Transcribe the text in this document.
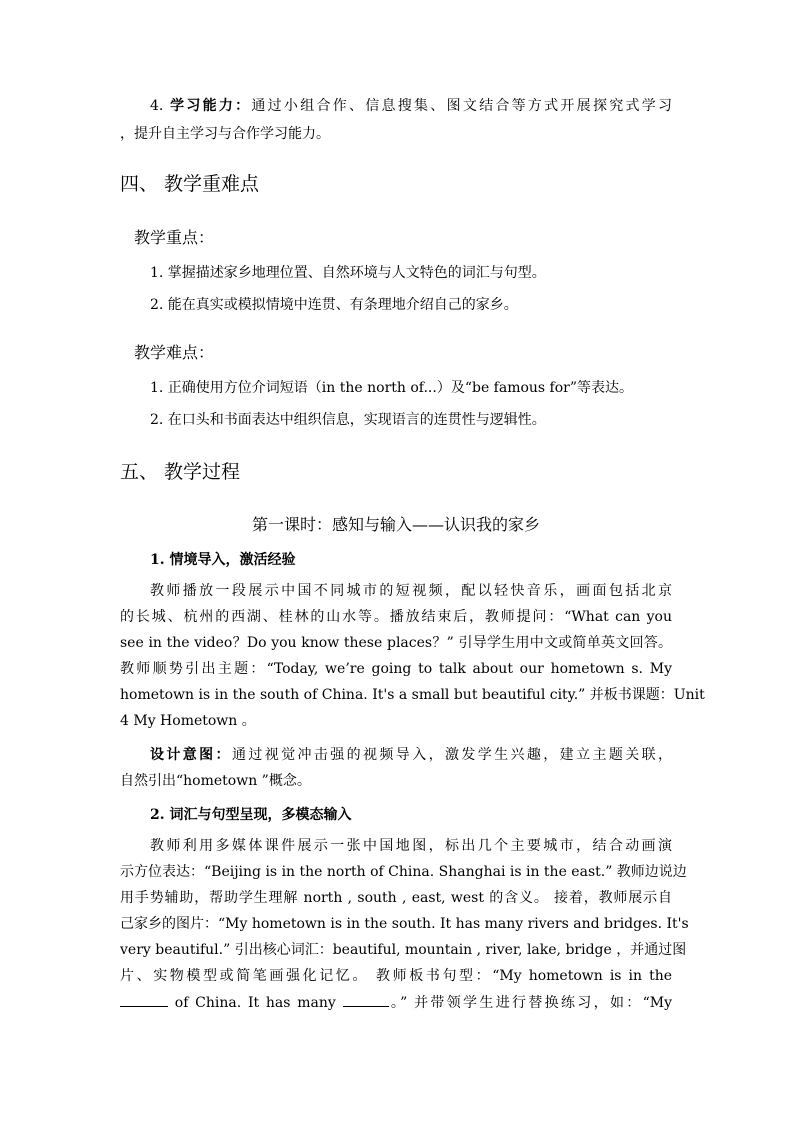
4. 学习能力：通过小组合作、信息搜集、图文结合等方式开展探究式学习
，提升自主学习与合作学习能力。
四、 教学重难点
教学重点：
1. 掌握描述家乡地理位置、自然环境与人文特色的词汇与句型。
2. 能在真实或模拟情境中连贯、有条理地介绍自己的家乡。
教学难点：
1. 正确使用方位介词短语（in the north of...）及“be famous for”等表达。
2. 在口头和书面表达中组织信息，实现语言的连贯性与逻辑性。
五、 教学过程
第一课时：感知与输入——认识我的家乡
1. 情境导入，激活经验
教师播放一段展示中国不同城市的短视频，配以轻快音乐，画面包括北京
的长城、杭州的西湖、桂林的山水等。播放结束后，教师提问：“What can you
see in the video？Do you know these places？” 引导学生用中文或简单英文回答。
教师顺势引出主题：“Today, we’re going to talk about our hometown s. My
hometown is in the south of China. It's a small but beautiful city.” 并板书课题：Unit
4 My Hometown 。
设计意图：通过视觉冲击强的视频导入，激发学生兴趣，建立主题关联，
自然引出“hometown ”概念。
2. 词汇与句型呈现，多模态输入
教师利用多媒体课件展示一张中国地图，标出几个主要城市，结合动画演
示方位表达：“Beijing is in the north of China. Shanghai is in the east.” 教师边说边
用手势辅助，帮助学生理解 north , south , east, west 的含义。 接着，教师展示自
己家乡的图片：“My hometown is in the south. It has many rivers and bridges. It's
very beautiful.” 引出核心词汇：beautiful, mountain , river, lake, bridge ，并通过图
片、实物模型或简笔画强化记忆。 教师板书句型：“My hometown is in the
of China. It has many	。” 并带领学生进行替换练习，如：“My
